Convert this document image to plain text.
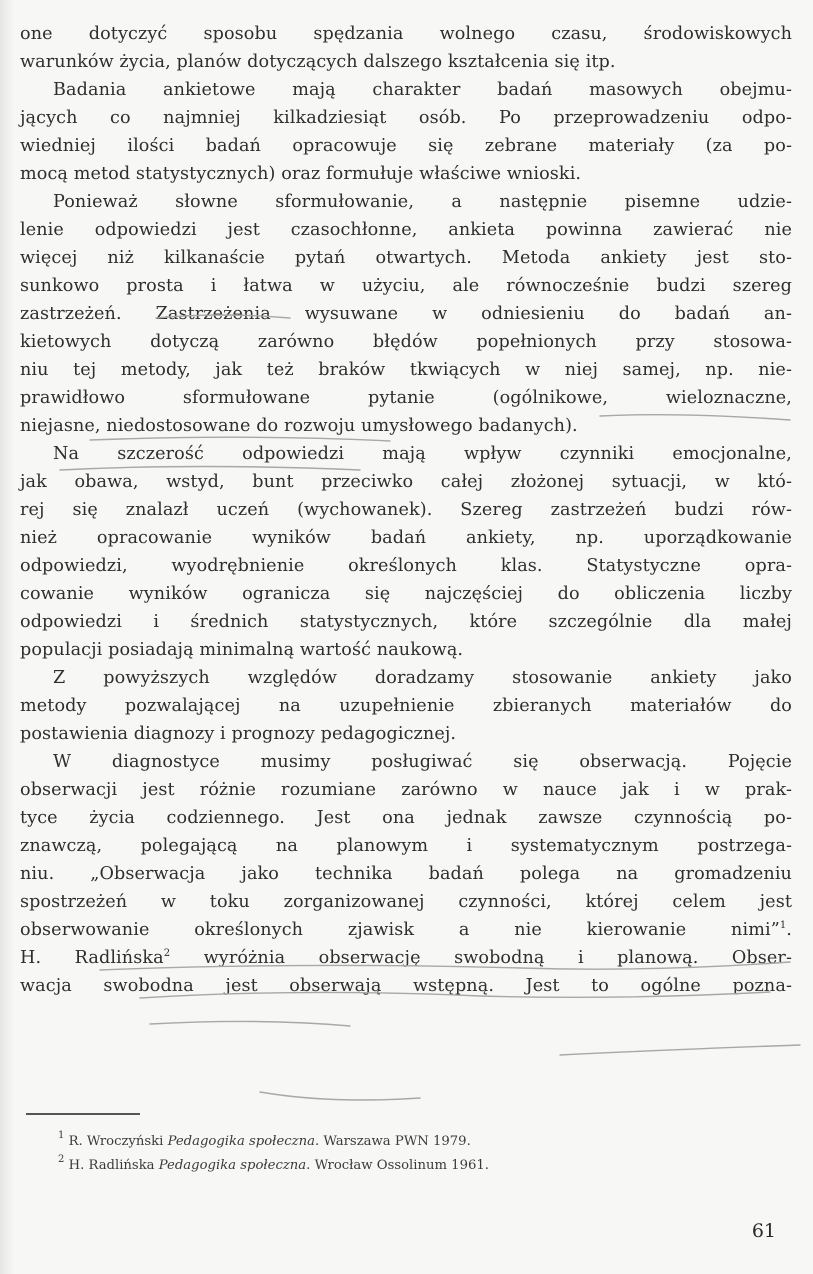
one dotyczyć sposobu spędzania wolnego czasu, środowiskowych
warunków życia, planów dotyczących dalszego kształcenia się itp.
Badania ankietowe mają charakter badań masowych obejmu-
jących co najmniej kilkadziesiąt osób. Po przeprowadzeniu odpo-
wiedniej ilości badań opracowuje się zebrane materiały (za po-
mocą metod statystycznych) oraz formułuje właściwe wnioski.
Ponieważ słowne sformułowanie, a następnie pisemne udzie-
lenie odpowiedzi jest czasochłonne, ankieta powinna zawierać nie
więcej niż kilkanaście pytań otwartych. Metoda ankiety jest sto-
sunkowo prosta i łatwa w użyciu, ale równocześnie budzi szereg
zastrzeżeń. Zastrzeżenia wysuwane w odniesieniu do badań an-
kietowych dotyczą zarówno błędów popełnionych przy stosowa-
niu tej metody, jak też braków tkwiących w niej samej, np. nie-
prawidłowo sformułowane pytanie (ogólnikowe, wieloznaczne,
niejasne, niedostosowane do rozwoju umysłowego badanych).
Na szczerość odpowiedzi mają wpływ czynniki emocjonalne,
jak obawa, wstyd, bunt przeciwko całej złożonej sytuacji, w któ-
rej się znalazł uczeń (wychowanek). Szereg zastrzeżeń budzi rów-
nież opracowanie wyników badań ankiety, np. uporządkowanie
odpowiedzi, wyodrębnienie określonych klas. Statystyczne opra-
cowanie wyników ogranicza się najczęściej do obliczenia liczby
odpowiedzi i średnich statystycznych, które szczególnie dla małej
populacji posiadają minimalną wartość naukową.
Z powyższych względów doradzamy stosowanie ankiety jako
metody pozwalającej na uzupełnienie zbieranych materiałów do
postawienia diagnozy i prognozy pedagogicznej.
W diagnostyce musimy posługiwać się obserwacją. Pojęcie
obserwacji jest różnie rozumiane zarówno w nauce jak i w prak-
tyce życia codziennego. Jest ona jednak zawsze czynnością po-
znawczą, polegającą na planowym i systematycznym postrzega-
niu. „Obserwacja jako technika badań polega na gromadzeniu
spostrzeżeń w toku zorganizowanej czynności, której celem jest
obserwowanie określonych zjawisk a nie kierowanie nimi”$^1$.
H. Radlińska$^2$ wyróżnia obserwację swobodną i planową. Obser-
wacja swobodna jest obserwają wstępną. Jest to ogólne pozna-
$^1$ R. Wroczyński Pedagogika społeczna. Warszawa PWN 1979.
$^2$ H. Radlińska Pedagogika społeczna. Wrocław Ossolinum 1961.
61
